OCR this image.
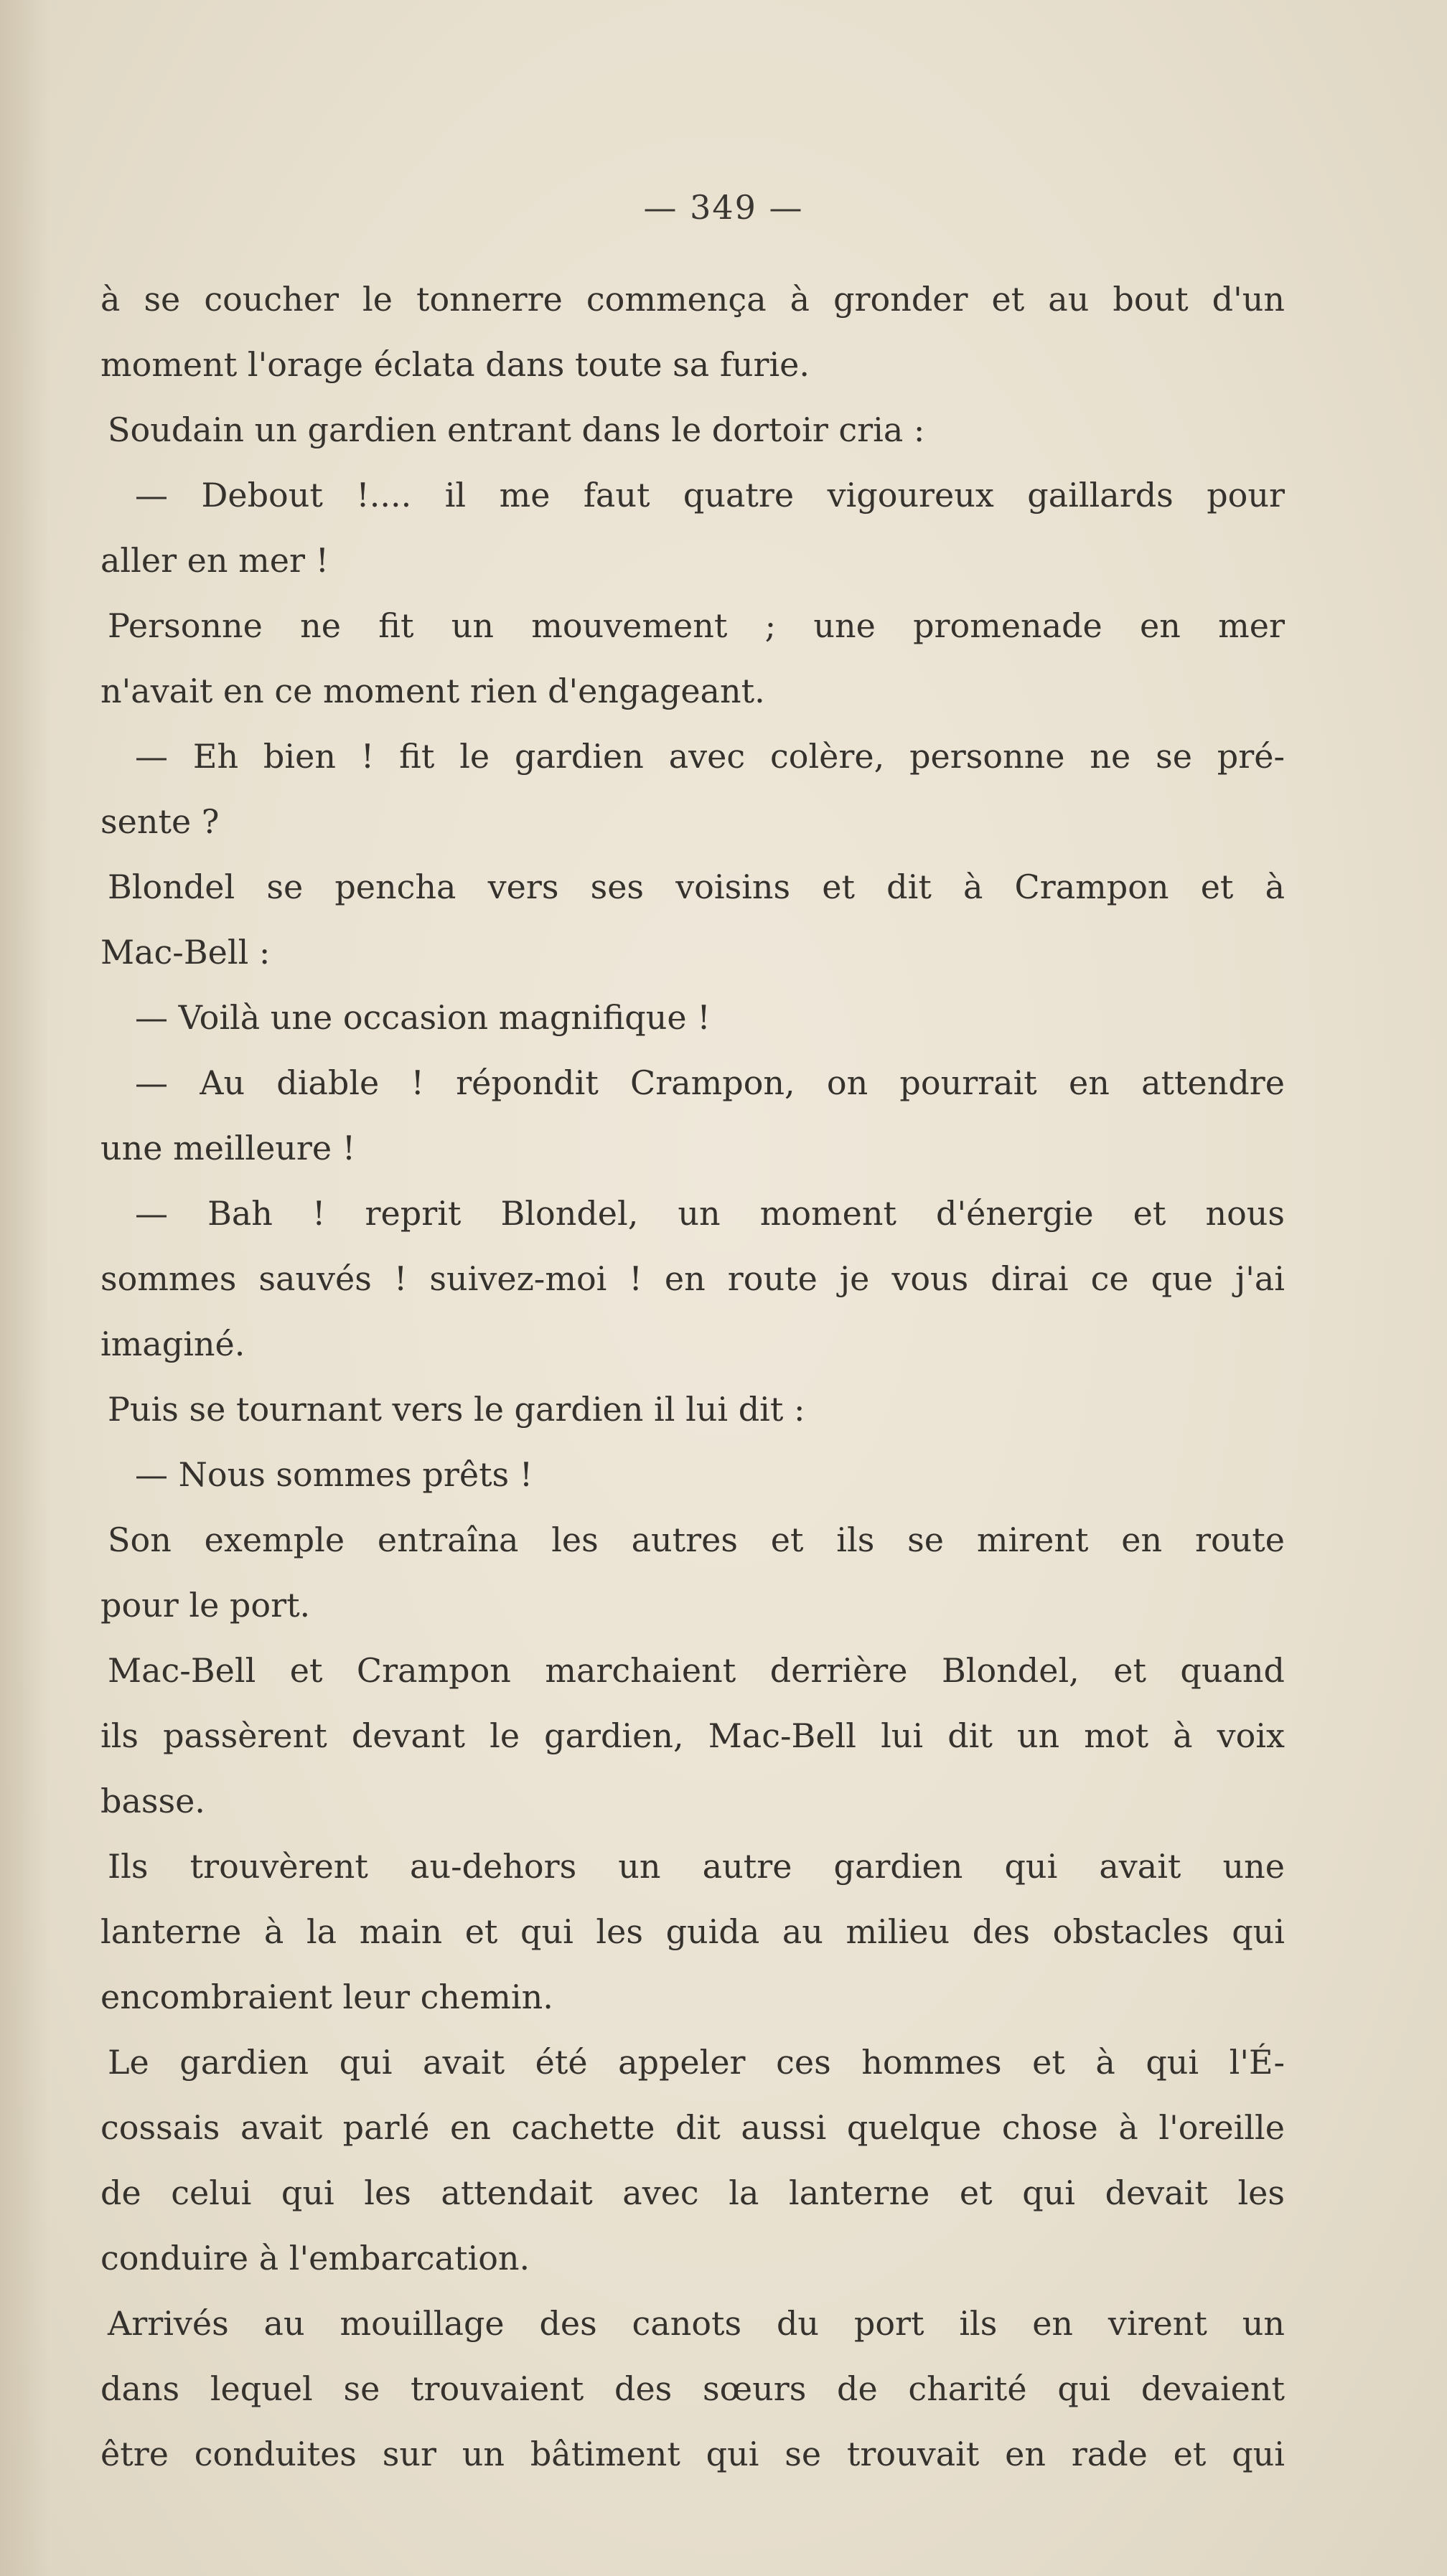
— 349 —
à se coucher le tonnerre commença à gronder et au bout d'un
moment l'orage éclata dans toute sa furie.
Soudain un gardien entrant dans le dortoir cria :
— Debout !.... il me faut quatre vigoureux gaillards pour
aller en mer !
Personne ne fit un mouvement ; une promenade en mer
n'avait en ce moment rien d'engageant.
— Eh bien ! fit le gardien avec colère, personne ne se pré-
sente ?
Blondel se pencha vers ses voisins et dit à Crampon et à
Mac-Bell :
— Voilà une occasion magnifique !
— Au diable ! répondit Crampon, on pourrait en attendre
une meilleure !
— Bah ! reprit Blondel, un moment d'énergie et nous
sommes sauvés ! suivez-moi ! en route je vous dirai ce que j'ai
imaginé.
Puis se tournant vers le gardien il lui dit :
— Nous sommes prêts !
Son exemple entraîna les autres et ils se mirent en route
pour le port.
Mac-Bell et Crampon marchaient derrière Blondel, et quand
ils passèrent devant le gardien, Mac-Bell lui dit un mot à voix
basse.
Ils trouvèrent au-dehors un autre gardien qui avait une
lanterne à la main et qui les guida au milieu des obstacles qui
encombraient leur chemin.
Le gardien qui avait été appeler ces hommes et à qui l'É-
cossais avait parlé en cachette dit aussi quelque chose à l'oreille
de celui qui les attendait avec la lanterne et qui devait les
conduire à l'embarcation.
Arrivés au mouillage des canots du port ils en virent un
dans lequel se trouvaient des sœurs de charité qui devaient
être conduites sur un bâtiment qui se trouvait en rade et qui
